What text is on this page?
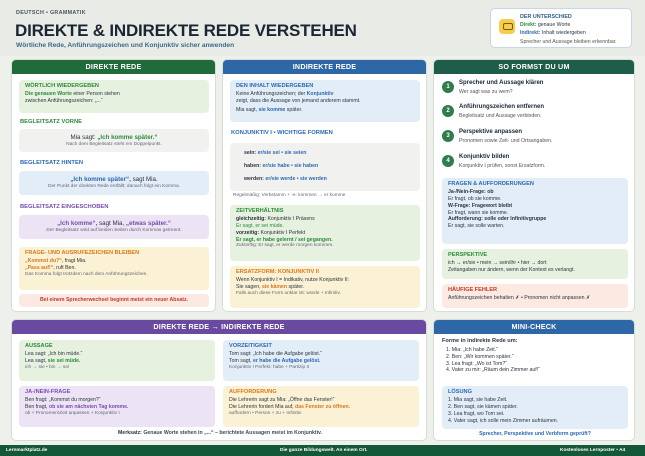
DEUTSCH • GRAMMATIK
DIREKTE & INDIREKTE REDE VERSTEHEN
Wörtliche Rede, Anführungszeichen und Konjunktiv sicher anwenden
DER UNTERSCHIED
Direkt: genaue Worte
Indirekt: Inhalt wiedergeben
Sprecher und Aussage bleiben erkennbar.
DIREKTE REDE
WÖRTLICH WIEDERGEBEN
Die genauen Worte einer Person stehen
zwischen Anführungszeichen: „...“
BEGLEITSATZ VORNE
Mia sagt: „Ich komme später.“
Nach dem Begleitsatz steht ein Doppelpunkt.
BEGLEITSATZ HINTEN
„Ich komme später“, sagt Mia.
Der Punkt der direkten Rede entfällt; danach folgt ein Komma.
BEGLEITSATZ EINGESCHOBEN
„Ich komme“, sagt Mia, „etwas später.“
Der Begleitsatz wird auf beiden Seiten durch Kommas getrennt.
FRAGE- UND AUSRUFEZEICHEN BLEIBEN
„Kommst du?“, fragt Mia.
„Pass auf!“, ruft Ben.
Das Komma folgt trotzdem nach dem Anführungszeichen.
Bei einem Sprecherwechsel beginnt meist ein neuer Absatz.
INDIREKTE REDE
DEN INHALT WIEDERGEBEN
Keine Anführungszeichen; der Konjunktiv
zeigt, dass die Aussage von jemand anderem stammt.
Mia sagt, sie komme später.
KONJUNKTIV I • WICHTIGE FORMEN
sein: er/sie sei • sie seien
haben: er/sie habe • sie haben
werden: er/sie werde • sie werden
Regelmäßig: Verbstamm + -e: kommen → er komme
ZEITVERHÄLTNIS
gleichzeitig: Konjunktiv I Präsens
Er sagt, er sei müde.
vorzeitig: Konjunktiv I Perfekt
Er sagt, er habe gelernt / sei gegangen.
Zukünftig: Er sagt, er werde morgen kommen.
ERSATZFORM: KONJUNKTIV II
Wenn Konjunktiv I = Indikativ, nutze Konjunktiv II:
Sie sagen, sie kämen später.
Falls auch diese Form unklar ist: würde + Infinitiv.
SO FORMST DU UM
1
Sprecher und Aussage klären
Wer sagt was zu wem?
2
Anführungszeichen entfernen
Begleitsatz und Aussage verbinden.
3
Perspektive anpassen
Pronomen sowie Zeit- und Ortsangaben.
4
Konjunktiv bilden
Konjunktiv I prüfen, sonst Ersatzform.
FRAGEN & AUFFORDERUNGEN
Ja-/Nein-Frage: ob
Er fragt, ob sie komme.
W-Frage: Fragewort bleibt
Er fragt, wann sie komme.
Aufforderung: solle oder Infinitivgruppe
Er sagt, sie solle warten.
PERSPEKTIVE
ich → er/sie • mein → sein/ihr • hier → dort
Zeitangaben nur ändern, wenn der Kontext es verlangt.
HÄUFIGE FEHLER
Anführungszeichen behalten ✗ • Pronomen nicht anpassen ✗
DIREKTE REDE → INDIREKTE REDE
AUSSAGE
Lea sagt: „Ich bin müde.“
Lea sagt, sie sei müde.
ich → sie • bin → sei
VORZEITIGKEIT
Tom sagt: „Ich habe die Aufgabe gelöst.“
Tom sagt, er habe die Aufgabe gelöst.
Konjunktiv I Perfekt: habe + Partizip II
JA-/NEIN-FRAGE
Ben fragt: „Kommst du morgen?“
Ben fragt, ob sie am nächsten Tag komme.
ob + Pronomen/Zeit anpassen + Konjunktiv I
AUFFORDERUNG
Die Lehrerin sagt zu Mia: „Öffne das Fenster!“
Die Lehrerin fordert Mia auf, das Fenster zu öffnen.
auffordern • Person + zu + Infinitiv
Merksatz: Genaue Worte stehen in „...“ – berichtete Aussagen meist im Konjunktiv.
MINI-CHECK
Forme in indirekte Rede um:
1. Mia: „Ich habe Zeit.“
2. Ben: „Wir kommen später.“
3. Lea fragt: „Wo ist Tom?“
4. Vater zu mir: „Räum dein Zimmer auf!“
LÖSUNG
1. Mia sagt, sie habe Zeit.
2. Ben sagt, sie kämen später.
3. Lea fragt, wo Tom sei.
4. Vater sagt, ich solle mein Zimmer aufräumen.
Sprecher, Perspektive und Verbform geprüft?
Lernmarktplatz.de	Die ganze Bildungswelt. An einem Ort.	Kostenloses Lernposter • A4
